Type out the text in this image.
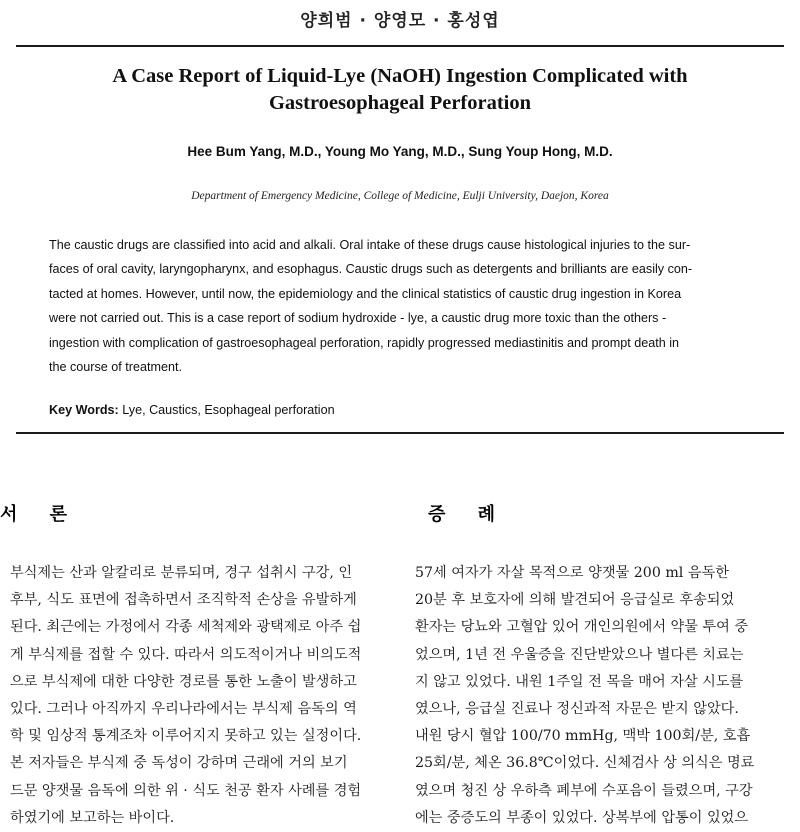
양희범 · 양영모 · 홍성엽
A Case Report of Liquid-Lye (NaOH) Ingestion Complicated with
Gastroesophageal Perforation
Hee Bum Yang, M.D., Young Mo Yang, M.D., Sung Youp Hong, M.D.
Department of Emergency Medicine, College of Medicine, Eulji University, Daejon, Korea
The caustic drugs are classified into acid and alkali. Oral intake of these drugs cause histological injuries to the sur-
faces of oral cavity, laryngopharynx, and esophagus. Caustic drugs such as detergents and brilliants are easily con-
tacted at homes. However, until now, the epidemiology and the clinical statistics of caustic drug ingestion in Korea
were not carried out. This is a case report of sodium hydroxide - lye, a caustic drug more toxic than the others -
ingestion with complication of gastroesophageal perforation, rapidly progressed mediastinitis and prompt death in
the course of treatment.
Key Words: Lye, Caustics, Esophageal perforation
서 론	증 례
부식제는 산과 알칼리로 분류되며, 경구 섭취시 구강, 인
후부, 식도 표면에 접촉하면서 조직학적 손상을 유발하게
된다. 최근에는 가정에서 각종 세척제와 광택제로 아주 쉽
게 부식제를 접할 수 있다. 따라서 의도적이거나 비의도적
으로 부식제에 대한 다양한 경로를 통한 노출이 발생하고
있다. 그러나 아직까지 우리나라에서는 부식제 음독의 역
학 및 임상적 통계조차 이루어지지 못하고 있는 실정이다.
본 저자들은 부식제 중 독성이 강하며 근래에 거의 보기
드문 양잿물 음독에 의한 위 · 식도 천공 환자 사례를 경험
하였기에 보고하는 바이다.
57세 여자가 자살 목적으로 양잿물 200 ml 음독한
20분 후 보호자에 의해 발견되어 응급실로 후송되었
환자는 당뇨와 고혈압 있어 개인의원에서 약물 투여 중
었으며, 1년 전 우울증을 진단받았으나 별다른 치료는
지 않고 있었다. 내원 1주일 전 목을 매어 자살 시도를
였으나, 응급실 진료나 정신과적 자문은 받지 않았다.
내원 당시 혈압 100/70 mmHg, 맥박 100회/분, 호흡
25회/분, 체온 36.8℃이었다. 신체검사 상 의식은 명료
였으며 청진 상 우하측 폐부에 수포음이 들렸으며, 구강
에는 중증도의 부종이 있었다. 상복부에 압통이 있었으
